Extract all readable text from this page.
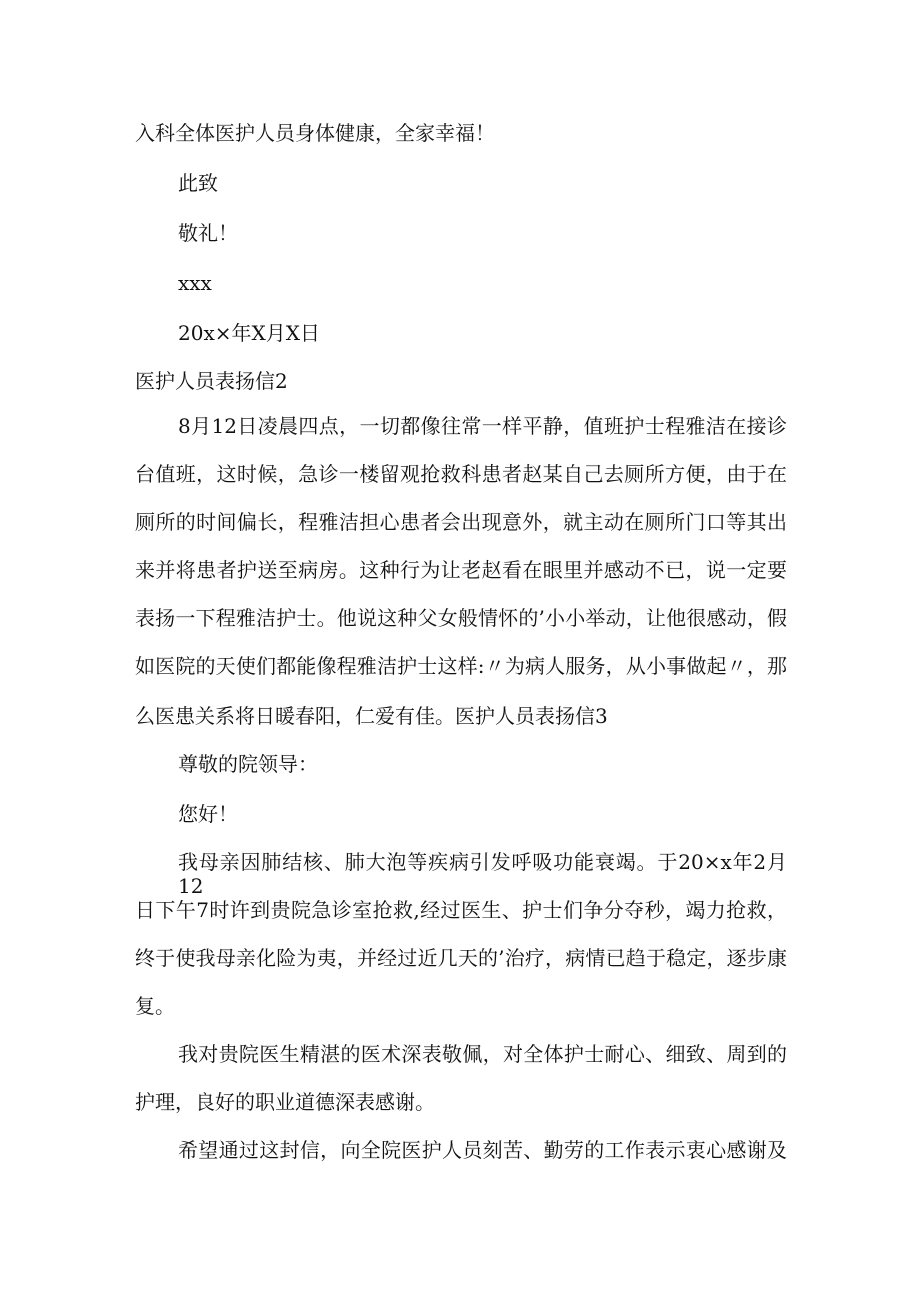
入科全体医护人员身体健康，全家幸福！
此致
敬礼！
xxx
20x×年X月X日
医护人员表扬信2
8月12日凌晨四点，一切都像往常一样平静，值班护士程雅洁在接诊
台值班，这时候，急诊一楼留观抢救科患者赵某自己去厕所方便，由于在
厕所的时间偏长，程雅洁担心患者会出现意外，就主动在厕所门口等其出
来并将患者护送至病房。这种行为让老赵看在眼里并感动不已，说一定要
表扬一下程雅洁护士。他说这种父女般情怀的’小小举动，让他很感动，假
如医院的天使们都能像程雅洁护士这样:〃为病人服务，从小事做起〃，那
么医患关系将日暖春阳，仁爱有佳。医护人员表扬信3
尊敬的院领导：
您好！
我母亲因肺结核、肺大泡等疾病引发呼吸功能衰竭。于20×x年2月12
日下午7时许到贵院急诊室抢救,经过医生、护士们争分夺秒，竭力抢救，
终于使我母亲化险为夷，并经过近几天的’治疗，病情已趋于稳定，逐步康
复。
我对贵院医生精湛的医术深表敬佩，对全体护士耐心、细致、周到的
护理，良好的职业道德深表感谢。
希望通过这封信，向全院医护人员刻苦、勤劳的工作表示衷心感谢及
